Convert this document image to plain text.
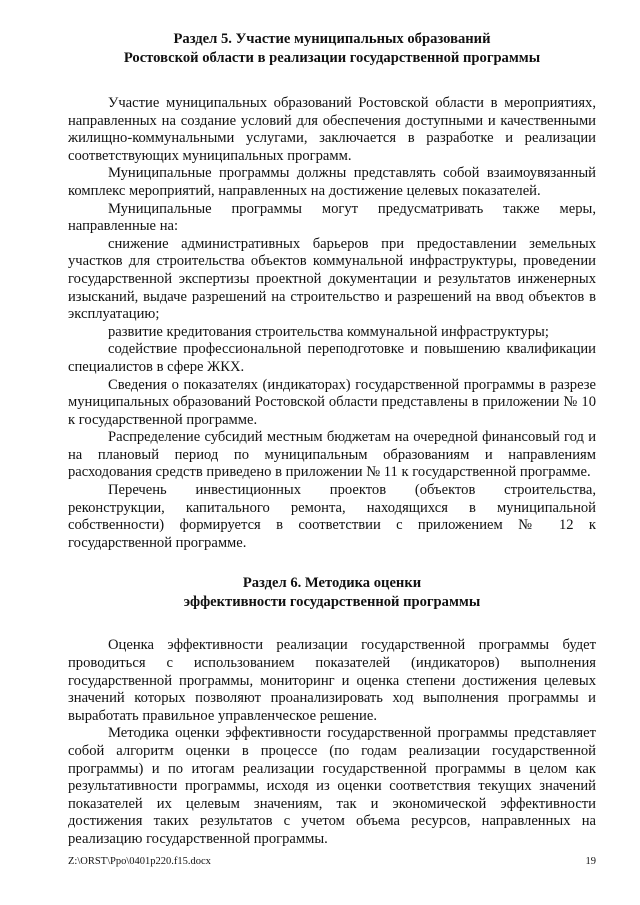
Раздел 5. Участие муниципальных образований
Ростовской области в реализации государственной программы

Участие муниципальных образований Ростовской области в мероприятиях, направленных на создание условий для обеспечения доступными и качественными жилищно-коммунальными услугами, заключается в разработке и реализации соответствующих муниципальных программ.

Муниципальные программы должны представлять собой взаимоувязанный комплекс мероприятий, направленных на достижение целевых показателей.

Муниципальные программы могут предусматривать также меры, направленные на:

снижение административных барьеров при предоставлении земельных участков для строительства объектов коммунальной инфраструктуры, проведении государственной экспертизы проектной документации и результатов инженерных изысканий, выдаче разрешений на строительство и разрешений на ввод объектов в эксплуатацию;

развитие кредитования строительства коммунальной инфраструктуры;

содействие профессиональной переподготовке и повышению квалификации специалистов в сфере ЖКХ.

Сведения о показателях (индикаторах) государственной программы в разрезе муниципальных образований Ростовской области представлены в приложении № 10 к государственной программе.

Распределение субсидий местным бюджетам на очередной финансовый год и на плановый период по муниципальным образованиям и направлениям расходования средств приведено в приложении № 11 к государственной программе.

Перечень инвестиционных проектов (объектов строительства, реконструкции, капитального ремонта, находящихся в муниципальной собственности) формируется в соответствии с приложением № 12 к государственной программе.

Раздел 6. Методика оценки
эффективности государственной программы

Оценка эффективности реализации государственной программы будет проводиться с использованием показателей (индикаторов) выполнения государственной программы, мониторинг и оценка степени достижения целевых значений которых позволяют проанализировать ход выполнения программы и выработать правильное управленческое решение.

Методика оценки эффективности государственной программы представляет собой алгоритм оценки в процессе (по годам реализации государственной программы) и по итогам реализации государственной программы в целом как результативности программы, исходя из оценки соответствия текущих значений показателей их целевым значениям, так и экономической эффективности достижения таких результатов с учетом объема ресурсов, направленных на реализацию государственной программы.

Z:\ORST\Ppo\0401p220.f15.docx	19
